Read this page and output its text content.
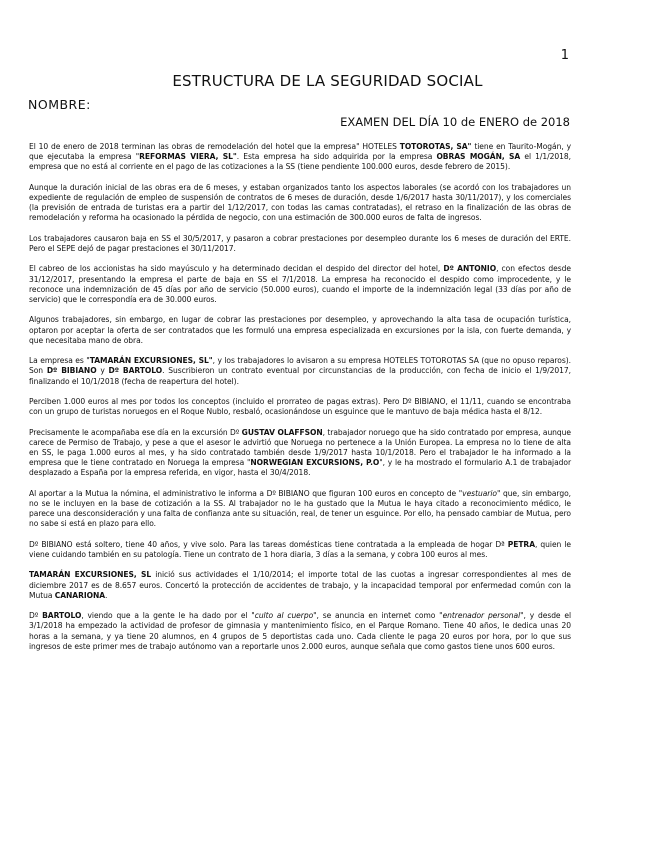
1
ESTRUCTURA DE LA SEGURIDAD SOCIAL
NOMBRE:
EXAMEN DEL DÍA 10 de ENERO de 2018

El 10 de enero de 2018 terminan las obras de remodelación del hotel que la empresa" HOTELES TOTOROTAS, SA" tiene en Taurito-Mogán, y que ejecutaba la empresa "REFORMAS VIERA, SL". Esta empresa ha sido adquirida por la empresa OBRAS MOGÁN, SA el 1/1/2018, empresa que no está al corriente en el pago de las cotizaciones a la SS (tiene pendiente 100.000 euros, desde febrero de 2015).

Aunque la duración inicial de las obras era de 6 meses, y estaban organizados tanto los aspectos laborales (se acordó con los trabajadores un expediente de regulación de empleo de suspensión de contratos de 6 meses de duración, desde 1/6/2017 hasta 30/11/2017), y los comerciales (la previsión de entrada de turistas era a partir del 1/12/2017, con todas las camas contratadas), el retraso en la finalización de las obras de remodelación y reforma ha ocasionado la pérdida de negocio, con una estimación de 300.000 euros de falta de ingresos.

Los trabajadores causaron baja en SS el 30/5/2017, y pasaron a cobrar prestaciones por desempleo durante los 6 meses de duración del ERTE. Pero el SEPE dejó de pagar prestaciones el 30/11/2017.

El cabreo de los accionistas ha sido mayúsculo y ha determinado decidan el despido del director del hotel, Dº ANTONIO, con efectos desde 31/12/2017, presentando la empresa el parte de baja en SS el 7/1/2018. La empresa ha reconocido el despido como improcedente, y le reconoce una indemnización de 45 días por año de servicio (50.000 euros), cuando el importe de la indemnización legal (33 días por año de servicio) que le correspondía era de 30.000 euros.

Algunos trabajadores, sin embargo, en lugar de cobrar las prestaciones por desempleo, y aprovechando la alta tasa de ocupación turística, optaron por aceptar la oferta de ser contratados que les formuló una empresa especializada en excursiones por la isla, con fuerte demanda, y que necesitaba mano de obra.

La empresa es "TAMARÁN EXCURSIONES, SL", y los trabajadores lo avisaron a su empresa HOTELES TOTOROTAS SA (que no opuso reparos). Son Dº BIBIANO y Dº BARTOLO. Suscribieron un contrato eventual por circunstancias de la producción, con fecha de inicio el 1/9/2017, finalizando el 10/1/2018 (fecha de reapertura del hotel).

Perciben 1.000 euros al mes por todos los conceptos (incluido el prorrateo de pagas extras). Pero Dº BIBIANO, el 11/11, cuando se encontraba con un grupo de turistas noruegos en el Roque Nublo, resbaló, ocasionándose un esguince que le mantuvo de baja médica hasta el 8/12.

Precisamente le acompañaba ese día en la excursión Dº GUSTAV OLAFFSON, trabajador noruego que ha sido contratado por empresa, aunque carece de Permiso de Trabajo, y pese a que el asesor le advirtió que Noruega no pertenece a la Unión Europea. La empresa no lo tiene de alta en SS, le paga 1.000 euros al mes, y ha sido contratado también desde 1/9/2017 hasta 10/1/2018. Pero el trabajador le ha informado a la empresa que le tiene contratado en Noruega la empresa "NORWEGIAN EXCURSIONS, P.O", y le ha mostrado el formulario A.1 de trabajador desplazado a España por la empresa referida, en vigor, hasta el 30/4/2018.

Al aportar a la Mutua la nómina, el administrativo le informa a Dº BIBIANO que figuran 100 euros en concepto de "vestuario" que, sin embargo, no se le incluyen en la base de cotización a la SS. Al trabajador no le ha gustado que la Mutua le haya citado a reconocimiento médico, le parece una desconsideración y una falta de confianza ante su situación, real, de tener un esguince. Por ello, ha pensado cambiar de Mutua, pero no sabe si está en plazo para ello.

Dº BIBIANO está soltero, tiene 40 años, y vive solo. Para las tareas domésticas tiene contratada a la empleada de hogar Dª PETRA, quien le viene cuidando también en su patología. Tiene un contrato de 1 hora diaria, 3 días a la semana, y cobra 100 euros al mes.

TAMARÁN EXCURSIONES, SL inició sus actividades el 1/10/2014; el importe total de las cuotas a ingresar correspondientes al mes de diciembre 2017 es de 8.657 euros. Concertó la protección de accidentes de trabajo, y la incapacidad temporal por enfermedad común con la Mutua CANARIONA.

Dº BARTOLO, viendo que a la gente le ha dado por el "culto al cuerpo", se anuncia en internet como "entrenador personal", y desde el 3/1/2018 ha empezado la actividad de profesor de gimnasia y mantenimiento físico, en el Parque Romano. Tiene 40 años, le dedica unas 20 horas a la semana, y ya tiene 20 alumnos, en 4 grupos de 5 deportistas cada uno. Cada cliente le paga 20 euros por hora, por lo que sus ingresos de este primer mes de trabajo autónomo van a reportarle unos 2.000 euros, aunque señala que como gastos tiene unos 600 euros.
